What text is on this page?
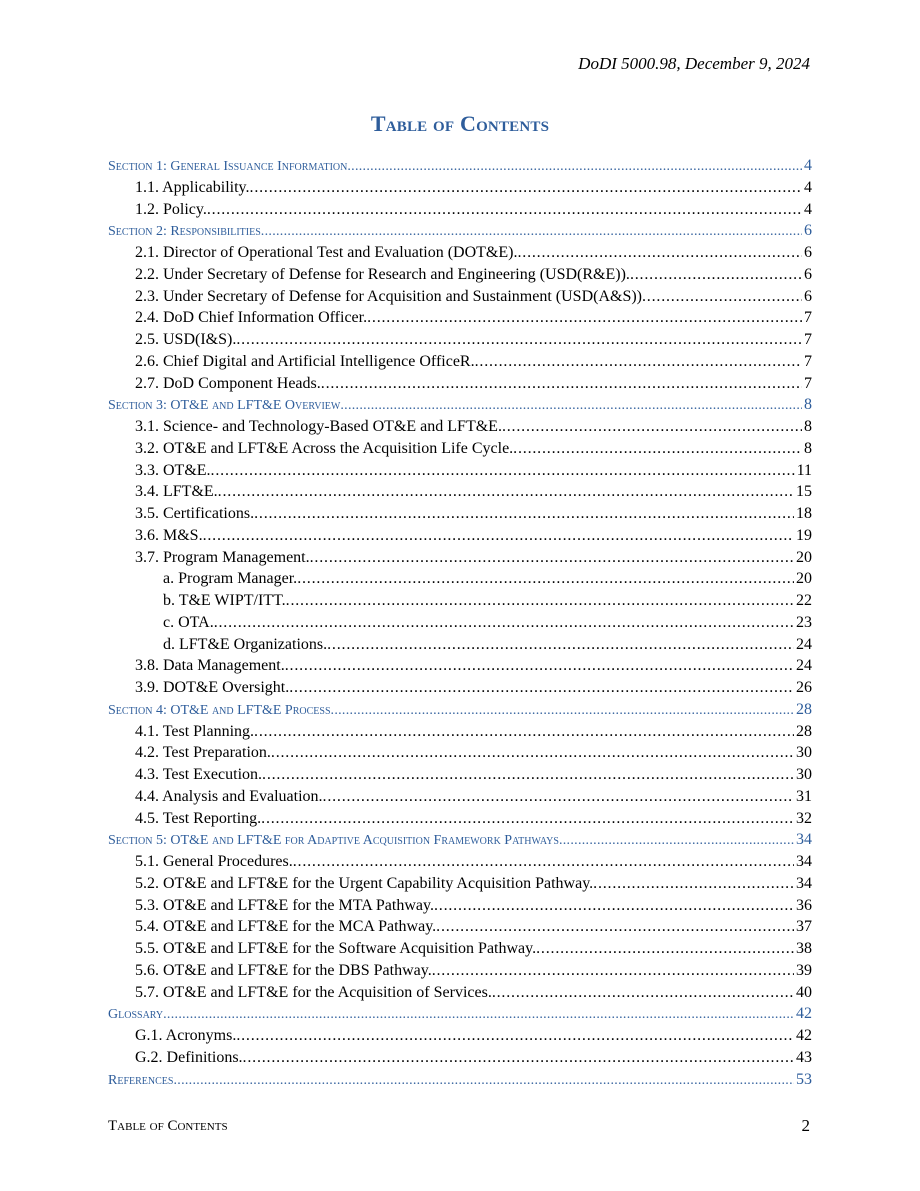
DoDI 5000.98, December 9, 2024
Table of Contents
Section 1: General Issuance Information . . .	4
1.1. Applicability. . . .	4
1.2. Policy. . . .	4
Section 2: Responsibilities . . .	6
2.1. Director of Operational Test and Evaluation (DOT&E). . . .	6
2.2. Under Secretary of Defense for Research and Engineering (USD(R&E)). . . .	6
2.3. Under Secretary of Defense for Acquisition and Sustainment (USD(A&S)) . . .	6
2.4. DoD Chief Information Officer. . . .	7
2.5. USD(I&S). . . .	7
2.6. Chief Digital and Artificial Intelligence OfficeR. . . .	7
2.7. DoD Component Heads. . . .	7
Section 3: OT&E and LFT&E Overview . . .	8
3.1. Science- and Technology-Based OT&E and LFT&E. . . .	8
3.2. OT&E and LFT&E Across the Acquisition Life Cycle. . . .	8
3.3. OT&E. . . .	11
3.4. LFT&E. . . .	15
3.5. Certifications. . . .	18
3.6. M&S. . . .	19
3.7. Program Management. . . .	20
a. Program Manager. . . .	20
b. T&E WIPT/ITT. . . .	22
c. OTA. . . .	23
d. LFT&E Organizations. . . .	24
3.8. Data Management. . . .	24
3.9. DOT&E Oversight. . . .	26
Section 4: OT&E and LFT&E Process . . .	28
4.1. Test Planning. . . .	28
4.2. Test Preparation. . . .	30
4.3. Test Execution. . . .	30
4.4. Analysis and Evaluation. . . .	31
4.5. Test Reporting. . . .	32
Section 5: OT&E and LFT&E for Adaptive Acquisition Framework Pathways . . .	34
5.1. General Procedures. . . .	34
5.2. OT&E and LFT&E for the Urgent Capability Acquisition Pathway. . . .	34
5.3. OT&E and LFT&E for the MTA Pathway. . . .	36
5.4. OT&E and LFT&E for the MCA Pathway. . . .	37
5.5. OT&E and LFT&E for the Software Acquisition Pathway. . . .	38
5.6. OT&E and LFT&E for the DBS Pathway. . . .	39
5.7. OT&E and LFT&E for the Acquisition of Services. . . .	40
Glossary . . .	42
G.1. Acronyms. . . .	42
G.2. Definitions. . . .	43
References . . .	53
Table of Contents	2
